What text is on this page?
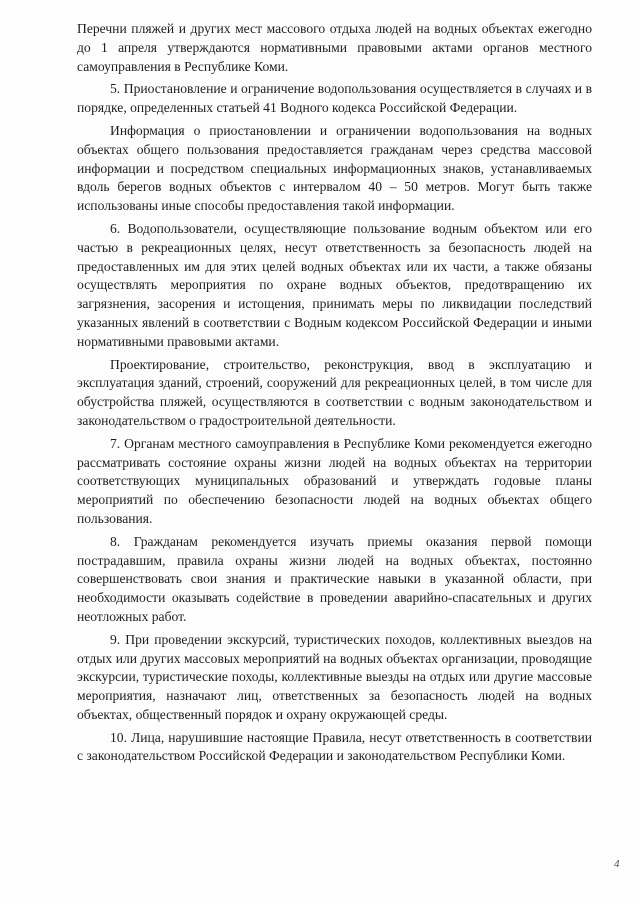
Перечни пляжей и других мест массового отдыха людей на водных объектах ежегодно до 1 апреля утверждаются нормативными правовыми актами органов местного самоуправления в Республике Коми.

5. Приостановление и ограничение водопользования осуществляется в случаях и в порядке, определенных статьей 41 Водного кодекса Российской Федерации.

Информация о приостановлении и ограничении водопользования на водных объектах общего пользования предоставляется гражданам через средства массовой информации и посредством специальных информационных знаков, устанавливаемых вдоль берегов водных объектов с интервалом 40 – 50 метров. Могут быть также использованы иные способы предоставления такой информации.

6. Водопользователи, осуществляющие пользование водным объектом или его частью в рекреационных целях, несут ответственность за безопасность людей на предоставленных им для этих целей водных объектах или их части, а также обязаны осуществлять мероприятия по охране водных объектов, предотвращению их загрязнения, засорения и истощения, принимать меры по ликвидации последствий указанных явлений в соответствии с Водным кодексом Российской Федерации и иными нормативными правовыми актами.

Проектирование, строительство, реконструкция, ввод в эксплуатацию и эксплуатация зданий, строений, сооружений для рекреационных целей, в том числе для обустройства пляжей, осуществляются в соответствии с водным законодательством и законодательством о градостроительной деятельности.

7. Органам местного самоуправления в Республике Коми рекомендуется ежегодно рассматривать состояние охраны жизни людей на водных объектах на территории соответствующих муниципальных образований и утверждать годовые планы мероприятий по обеспечению безопасности людей на водных объектах общего пользования.

8. Гражданам рекомендуется изучать приемы оказания первой помощи пострадавшим, правила охраны жизни людей на водных объектах, постоянно совершенствовать свои знания и практические навыки в указанной области, при необходимости оказывать содействие в проведении аварийно-спасательных и других неотложных работ.

9. При проведении экскурсий, туристических походов, коллективных выездов на отдых или других массовых мероприятий на водных объектах организации, проводящие экскурсии, туристические походы, коллективные выезды на отдых или другие массовые мероприятия, назначают лиц, ответственных за безопасность людей на водных объектах, общественный порядок и охрану окружающей среды.

10. Лица, нарушившие настоящие Правила, несут ответственность в соответствии с законодательством Российской Федерации и законодательством Республики Коми.

4
